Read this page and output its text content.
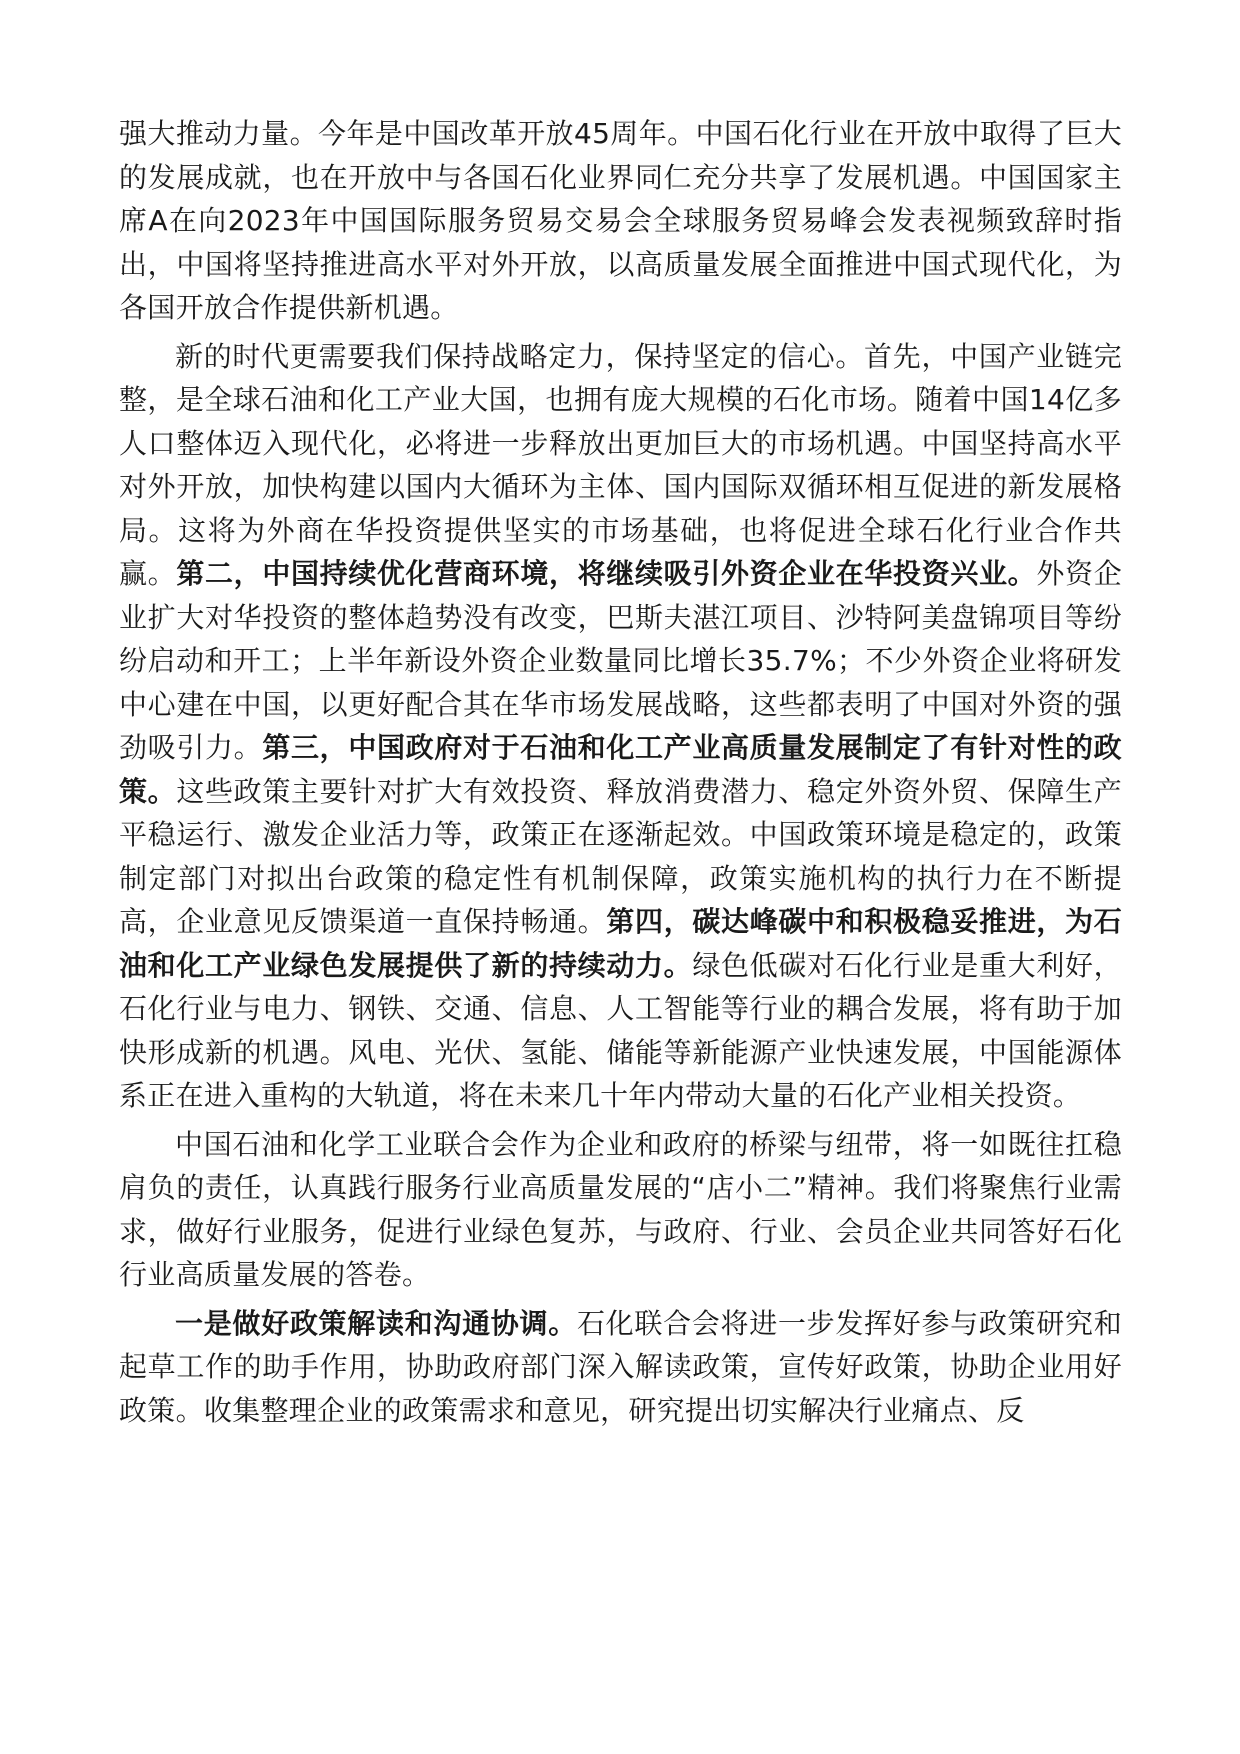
强大推动力量。今年是中国改革开放45周年。中国石化行业在开放中取得了巨大的发展成就，也在开放中与各国石化业界同仁充分共享了发展机遇。中国国家主席A在向2023年中国国际服务贸易交易会全球服务贸易峰会发表视频致辞时指出，中国将坚持推进高水平对外开放，以高质量发展全面推进中国式现代化，为各国开放合作提供新机遇。

新的时代更需要我们保持战略定力，保持坚定的信心。首先，中国产业链完整，是全球石油和化工产业大国，也拥有庞大规模的石化市场。随着中国14亿多人口整体迈入现代化，必将进一步释放出更加巨大的市场机遇。中国坚持高水平对外开放，加快构建以国内大循环为主体、国内国际双循环相互促进的新发展格局。这将为外商在华投资提供坚实的市场基础，也将促进全球石化行业合作共赢。第二，中国持续优化营商环境，将继续吸引外资企业在华投资兴业。外资企业扩大对华投资的整体趋势没有改变，巴斯夫湛江项目、沙特阿美盘锦项目等纷纷启动和开工；上半年新设外资企业数量同比增长35.7%；不少外资企业将研发中心建在中国，以更好配合其在华市场发展战略，这些都表明了中国对外资的强劲吸引力。第三，中国政府对于石油和化工产业高质量发展制定了有针对性的政策。这些政策主要针对扩大有效投资、释放消费潜力、稳定外资外贸、保障生产平稳运行、激发企业活力等，政策正在逐渐起效。中国政策环境是稳定的，政策制定部门对拟出台政策的稳定性有机制保障，政策实施机构的执行力在不断提高，企业意见反馈渠道一直保持畅通。第四，碳达峰碳中和积极稳妥推进，为石油和化工产业绿色发展提供了新的持续动力。绿色低碳对石化行业是重大利好，石化行业与电力、钢铁、交通、信息、人工智能等行业的耦合发展，将有助于加快形成新的机遇。风电、光伏、氢能、储能等新能源产业快速发展，中国能源体系正在进入重构的大轨道，将在未来几十年内带动大量的石化产业相关投资。

中国石油和化学工业联合会作为企业和政府的桥梁与纽带，将一如既往扛稳肩负的责任，认真践行服务行业高质量发展的“店小二”精神。我们将聚焦行业需求，做好行业服务，促进行业绿色复苏，与政府、行业、会员企业共同答好石化行业高质量发展的答卷。

一是做好政策解读和沟通协调。石化联合会将进一步发挥好参与政策研究和起草工作的助手作用，协助政府部门深入解读政策，宣传好政策，协助企业用好政策。收集整理企业的政策需求和意见，研究提出切实解决行业痛点、反
